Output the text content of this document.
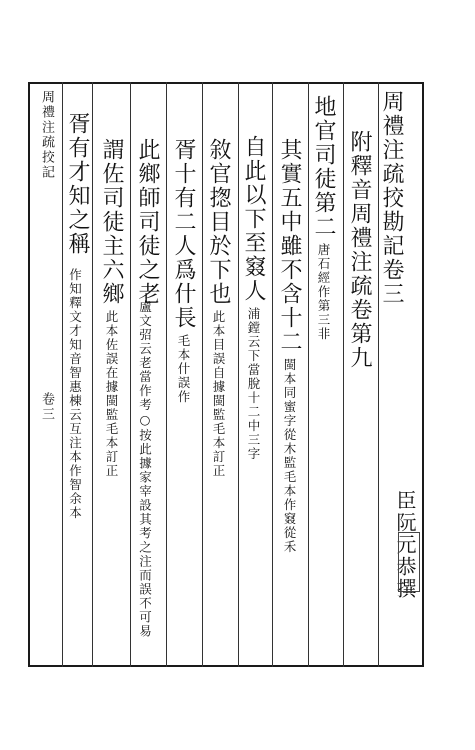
周禮注疏挍記
卷三
周禮注疏挍勘記卷三
臣阮元恭撰
附釋音周禮注疏卷第九
地官司徒第二唐石經作第三非
其實五中雖不含十二閩本同蜜字從木監毛本作窡從禾
自此以下至窡人浦鏜云下當脫十二中三字
敘官揔目於下也此本目誤自據閩監毛本訂正
胥十有二人爲什長毛本什誤作
此鄉師司徒之老
盧文弨云老當作考○按此據家宰設其考之注而誤不可易
謂佐司徒主六鄉此本佐誤在據閩監毛本訂正
胥有才知之稱
作知釋文才知音智惠棟云互注本作智余本
